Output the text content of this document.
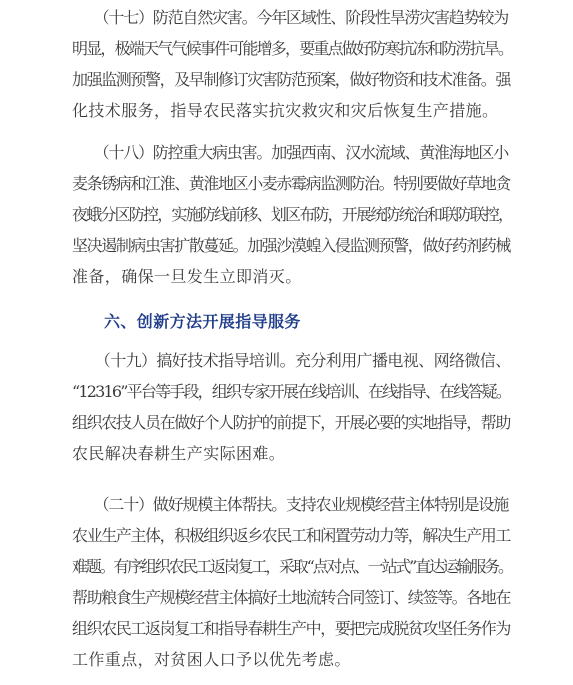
　　（十七）防范自然灾害。今年区域性、阶段性旱涝灾害趋势较为
明显，极端天气气候事件可能增多，要重点做好防寒抗冻和防涝抗旱。
加强监测预警，及早制修订灾害防范预案，做好物资和技术准备。强
化技术服务，指导农民落实抗灾救灾和灾后恢复生产措施。
　　（十八）防控重大病虫害。加强西南、汉水流域、黄淮海地区小
麦条锈病和江淮、黄淮地区小麦赤霉病监测防治。特别要做好草地贪
夜蛾分区防控，实施防线前移、划区布防，开展统防统治和联防联控，
坚决遏制病虫害扩散蔓延。加强沙漠蝗入侵监测预警，做好药剂药械
准备，确保一旦发生立即消灭。

六、创新方法开展指导服务

　　（十九）搞好技术指导培训。充分利用广播电视、网络微信、
“12316”平台等手段，组织专家开展在线培训、在线指导、在线答疑。
组织农技人员在做好个人防护的前提下，开展必要的实地指导，帮助
农民解决春耕生产实际困难。
　　（二十）做好规模主体帮扶。支持农业规模经营主体特别是设施
农业生产主体，积极组织返乡农民工和闲置劳动力等，解决生产用工
难题。有序组织农民工返岗复工，采取“点对点、一站式”直达运输服务。
帮助粮食生产规模经营主体搞好土地流转合同签订、续签等。各地在
组织农民工返岗复工和指导春耕生产中，要把完成脱贫攻坚任务作为
工作重点，对贫困人口予以优先考虑。
